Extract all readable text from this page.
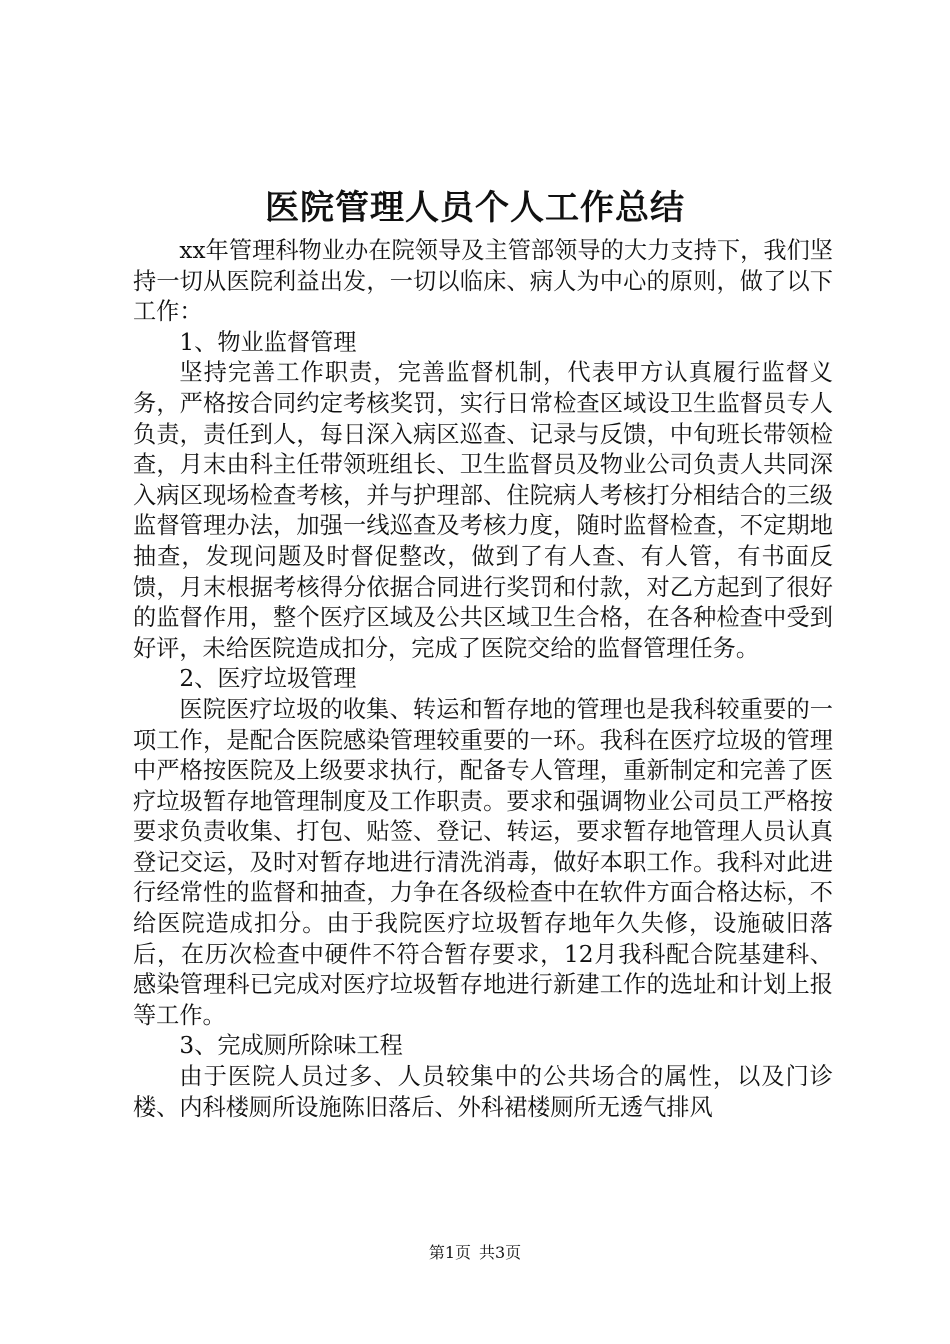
医院管理人员个人工作总结

xx年管理科物业办在院领导及主管部领导的大力支持下，我们坚持一切从医院利益出发，一切以临床、病人为中心的原则，做了以下工作：

1、物业监督管理

坚持完善工作职责，完善监督机制，代表甲方认真履行监督义务，严格按合同约定考核奖罚，实行日常检查区域设卫生监督员专人负责，责任到人，每日深入病区巡查、记录与反馈，中旬班长带领检查，月末由科主任带领班组长、卫生监督员及物业公司负责人共同深入病区现场检查考核，并与护理部、住院病人考核打分相结合的三级监督管理办法，加强一线巡查及考核力度，随时监督检查，不定期地抽查，发现问题及时督促整改，做到了有人查、有人管，有书面反馈，月末根据考核得分依据合同进行奖罚和付款，对乙方起到了很好的监督作用，整个医疗区域及公共区域卫生合格，在各种检查中受到好评，未给医院造成扣分，完成了医院交给的监督管理任务。

2、医疗垃圾管理

医院医疗垃圾的收集、转运和暂存地的管理也是我科较重要的一项工作，是配合医院感染管理较重要的一环。我科在医疗垃圾的管理中严格按医院及上级要求执行，配备专人管理，重新制定和完善了医疗垃圾暂存地管理制度及工作职责。要求和强调物业公司员工严格按要求负责收集、打包、贴签、登记、转运，要求暂存地管理人员认真登记交运，及时对暂存地进行清洗消毒，做好本职工作。我科对此进行经常性的监督和抽查，力争在各级检查中在软件方面合格达标，不给医院造成扣分。由于我院医疗垃圾暂存地年久失修，设施破旧落后，在历次检查中硬件不符合暂存要求，12月我科配合院基建科、感染管理科已完成对医疗垃圾暂存地进行新建工作的选址和计划上报等工作。

3、完成厕所除味工程

由于医院人员过多、人员较集中的公共场合的属性，以及门诊楼、内科楼厕所设施陈旧落后、外科裙楼厕所无透气排风

第1页 共3页
